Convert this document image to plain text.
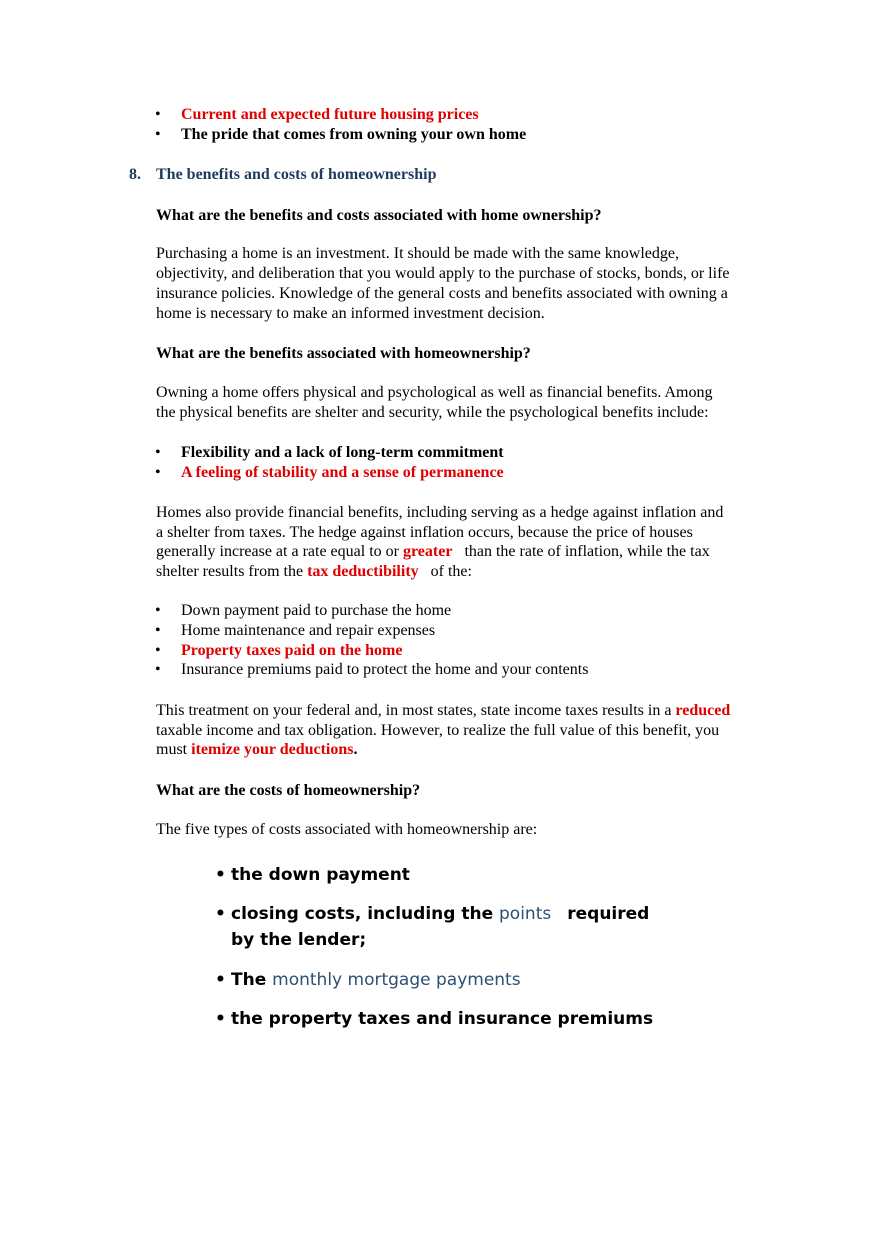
• Current and expected future housing prices
• The pride that comes from owning your own home
8. The benefits and costs of homeownership
What are the benefits and costs associated with home ownership?
Purchasing a home is an investment. It should be made with the same knowledge,
objectivity, and deliberation that you would apply to the purchase of stocks, bonds, or life
insurance policies. Knowledge of the general costs and benefits associated with owning a
home is necessary to make an informed investment decision.
What are the benefits associated with homeownership?
Owning a home offers physical and psychological as well as financial benefits. Among
the physical benefits are shelter and security, while the psychological benefits include:
• Flexibility and a lack of long-term commitment
• A feeling of stability and a sense of permanence
Homes also provide financial benefits, including serving as a hedge against inflation and
a shelter from taxes. The hedge against inflation occurs, because the price of houses
generally increase at a rate equal to or greater than the rate of inflation, while the tax
shelter results from the tax deductibility of the:
• Down payment paid to purchase the home
• Home maintenance and repair expenses
• Property taxes paid on the home
• Insurance premiums paid to protect the home and your contents
This treatment on your federal and, in most states, state income taxes results in a reduced
taxable income and tax obligation. However, to realize the full value of this benefit, you
must itemize your deductions.
What are the costs of homeownership?
The five types of costs associated with homeownership are:
• the down payment
• closing costs, including the points required
by the lender;
• The monthly mortgage payments
• the property taxes and insurance premiums
